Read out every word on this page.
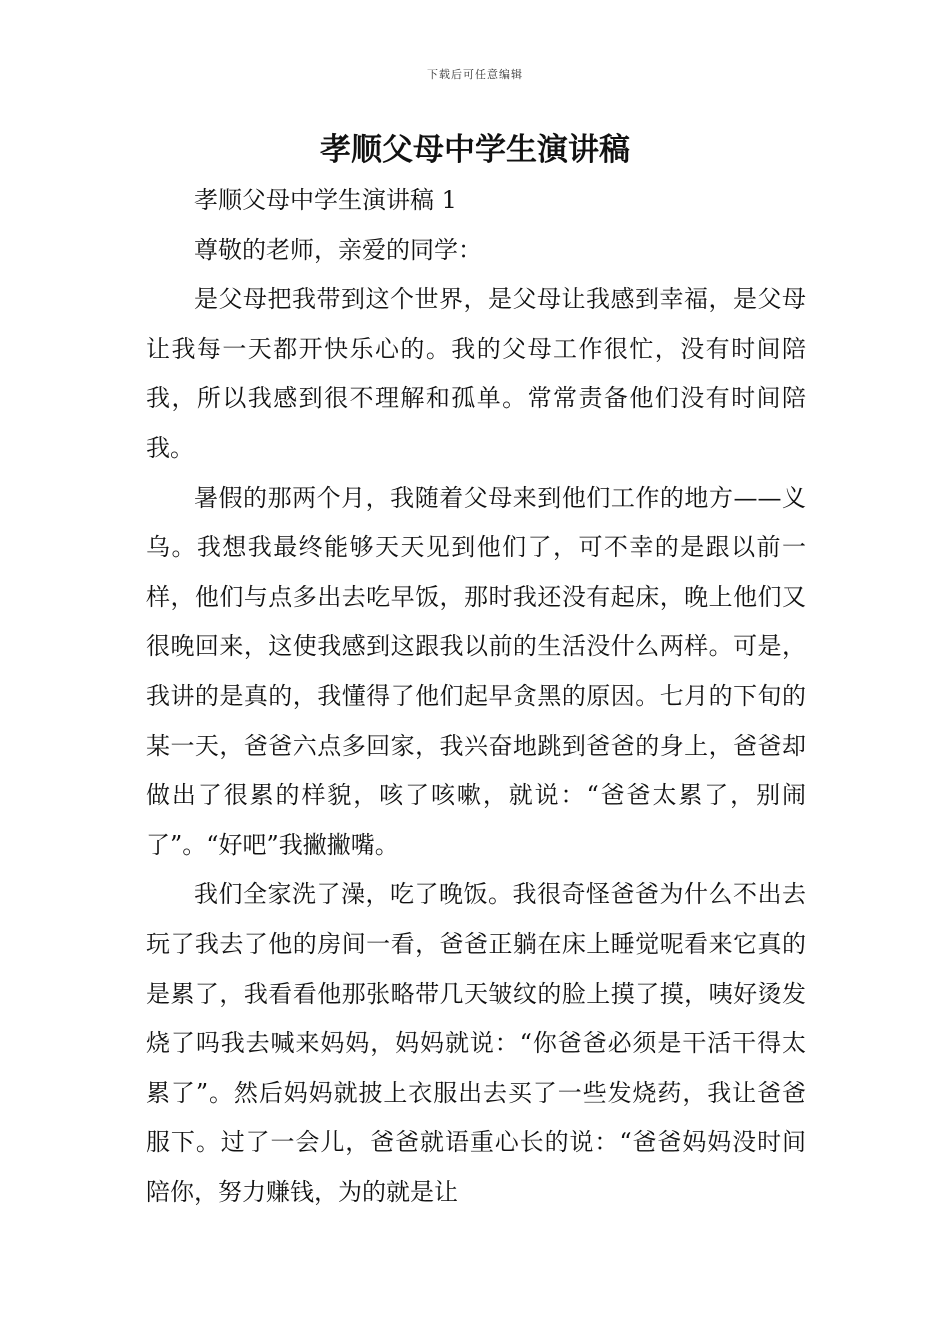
下载后可任意编辑
孝顺父母中学生演讲稿

孝顺父母中学生演讲稿 1

尊敬的老师，亲爱的同学：

是父母把我带到这个世界，是父母让我感到幸福，是父母让我每一天都开快乐心的。我的父母工作很忙，没有时间陪我，所以我感到很不理解和孤单。常常责备他们没有时间陪我。

暑假的那两个月，我随着父母来到他们工作的地方——义乌。我想我最终能够天天见到他们了，可不幸的是跟以前一样，他们与点多出去吃早饭，那时我还没有起床，晚上他们又很晚回来，这使我感到这跟我以前的生活没什么两样。可是，我讲的是真的，我懂得了他们起早贪黑的原因。七月的下旬的某一天，爸爸六点多回家，我兴奋地跳到爸爸的身上，爸爸却做出了很累的样貌，咳了咳嗽，就说：“爸爸太累了，别闹了”。“好吧”我撇撇嘴。

我们全家洗了澡，吃了晚饭。我很奇怪爸爸为什么不出去玩了我去了他的房间一看，爸爸正躺在床上睡觉呢看来它真的是累了，我看看他那张略带几天皱纹的脸上摸了摸，咦好烫发烧了吗我去喊来妈妈，妈妈就说：“你爸爸必须是干活干得太累了”。然后妈妈就披上衣服出去买了一些发烧药，我让爸爸服下。过了一会儿，爸爸就语重心长的说：“爸爸妈妈没时间陪你，努力赚钱，为的就是让
